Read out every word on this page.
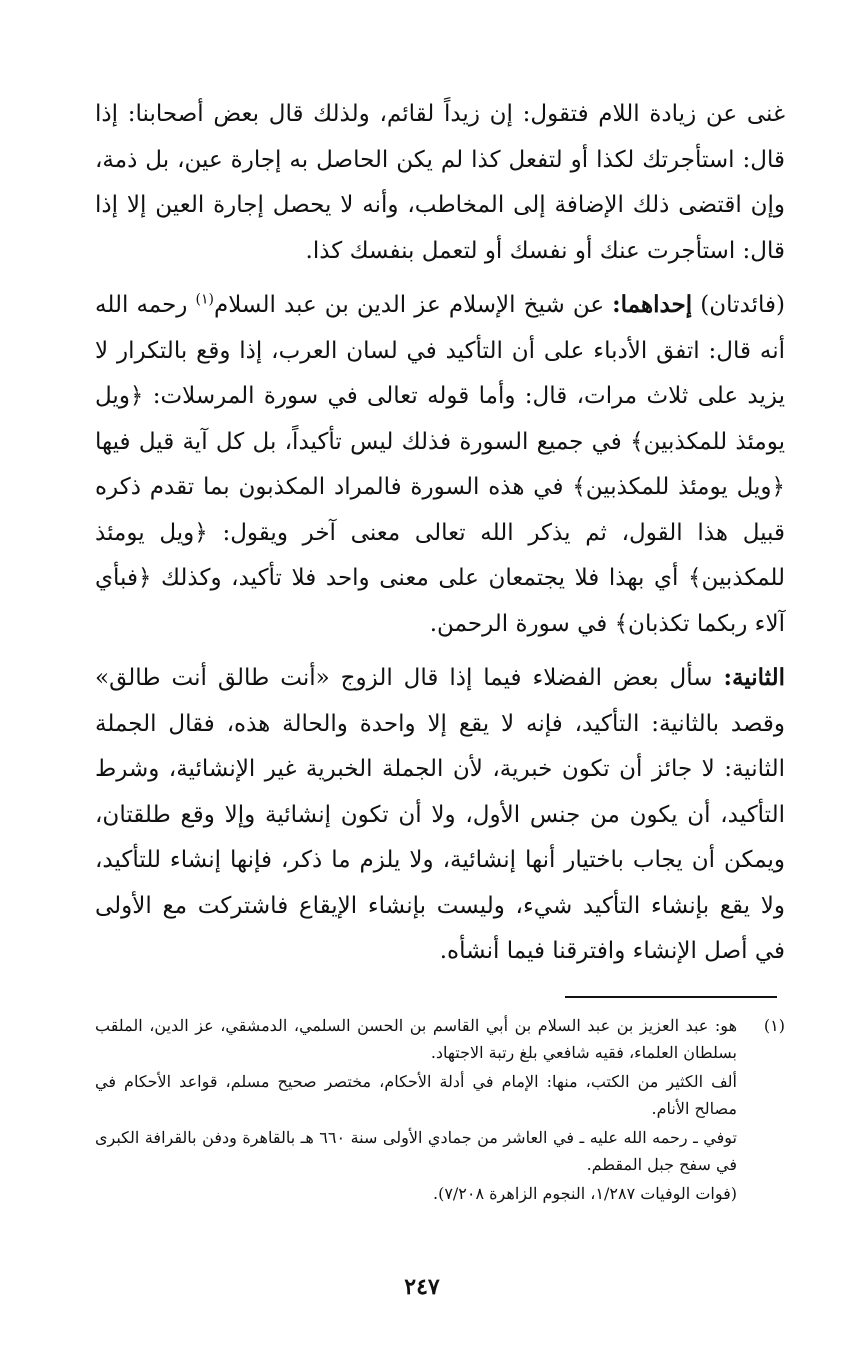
غنى عن زيادة اللام فتقول: إن زيداً لقائم، ولذلك قال بعض أصحابنا: إذا قال: استأجرتك لكذا أو لتفعل كذا لم يكن الحاصل به إجارة عين، بل ذمة، وإن اقتضى ذلك الإضافة إلى المخاطب، وأنه لا يحصل إجارة العين إلا إذا قال: استأجرت عنك أو نفسك أو لتعمل بنفسك كذا.

(فائدتان) إحداهما: عن شيخ الإسلام عز الدين بن عبد السلام$^{(١)}$ رحمه الله أنه قال: اتفق الأدباء على أن التأكيد في لسان العرب، إذا وقع بالتكرار لا يزيد على ثلاث مرات، قال: وأما قوله تعالى في سورة المرسلات: ﴿ويل يومئذ للمكذبين﴾ في جميع السورة فذلك ليس تأكيداً، بل كل آية قيل فيها ﴿ويل يومئذ للمكذبين﴾ في هذه السورة فالمراد المكذبون بما تقدم ذكره قبيل هذا القول، ثم يذكر الله تعالى معنى آخر ويقول: ﴿ويل يومئذ للمكذبين﴾ أي بهذا فلا يجتمعان على معنى واحد فلا تأكيد، وكذلك ﴿فبأي آلاء ربكما تكذبان﴾ في سورة الرحمن.

الثانية: سأل بعض الفضلاء فيما إذا قال الزوج «أنت طالق أنت طالق» وقصد بالثانية: التأكيد، فإنه لا يقع إلا واحدة والحالة هذه، فقال الجملة الثانية: لا جائز أن تكون خبرية، لأن الجملة الخبرية غير الإنشائية، وشرط التأكيد، أن يكون من جنس الأول، ولا أن تكون إنشائية وإلا وقع طلقتان، ويمكن أن يجاب باختيار أنها إنشائية، ولا يلزم ما ذكر، فإنها إنشاء للتأكيد، ولا يقع بإنشاء التأكيد شيء، وليست بإنشاء الإيقاع فاشتركت مع الأولى في أصل الإنشاء وافترقنا فيما أنشأه.

(١)

هو: عبد العزيز بن عبد السلام بن أبي القاسم بن الحسن السلمي، الدمشقي، عز الدين، الملقب بسلطان العلماء، فقيه شافعي بلغ رتبة الاجتهاد.

ألف الكثير من الكتب، منها: الإمام في أدلة الأحكام، مختصر صحيح مسلم، قواعد الأحكام في مصالح الأنام.

توفي ـ رحمه الله عليه ـ في العاشر من جمادي الأولى سنة ٦٦٠ هـ بالقاهرة ودفن بالقرافة الكبرى في سفح جبل المقطم.

(فوات الوفيات ١/٢٨٧، النجوم الزاهرة ٧/٢٠٨).

٢٤٧
